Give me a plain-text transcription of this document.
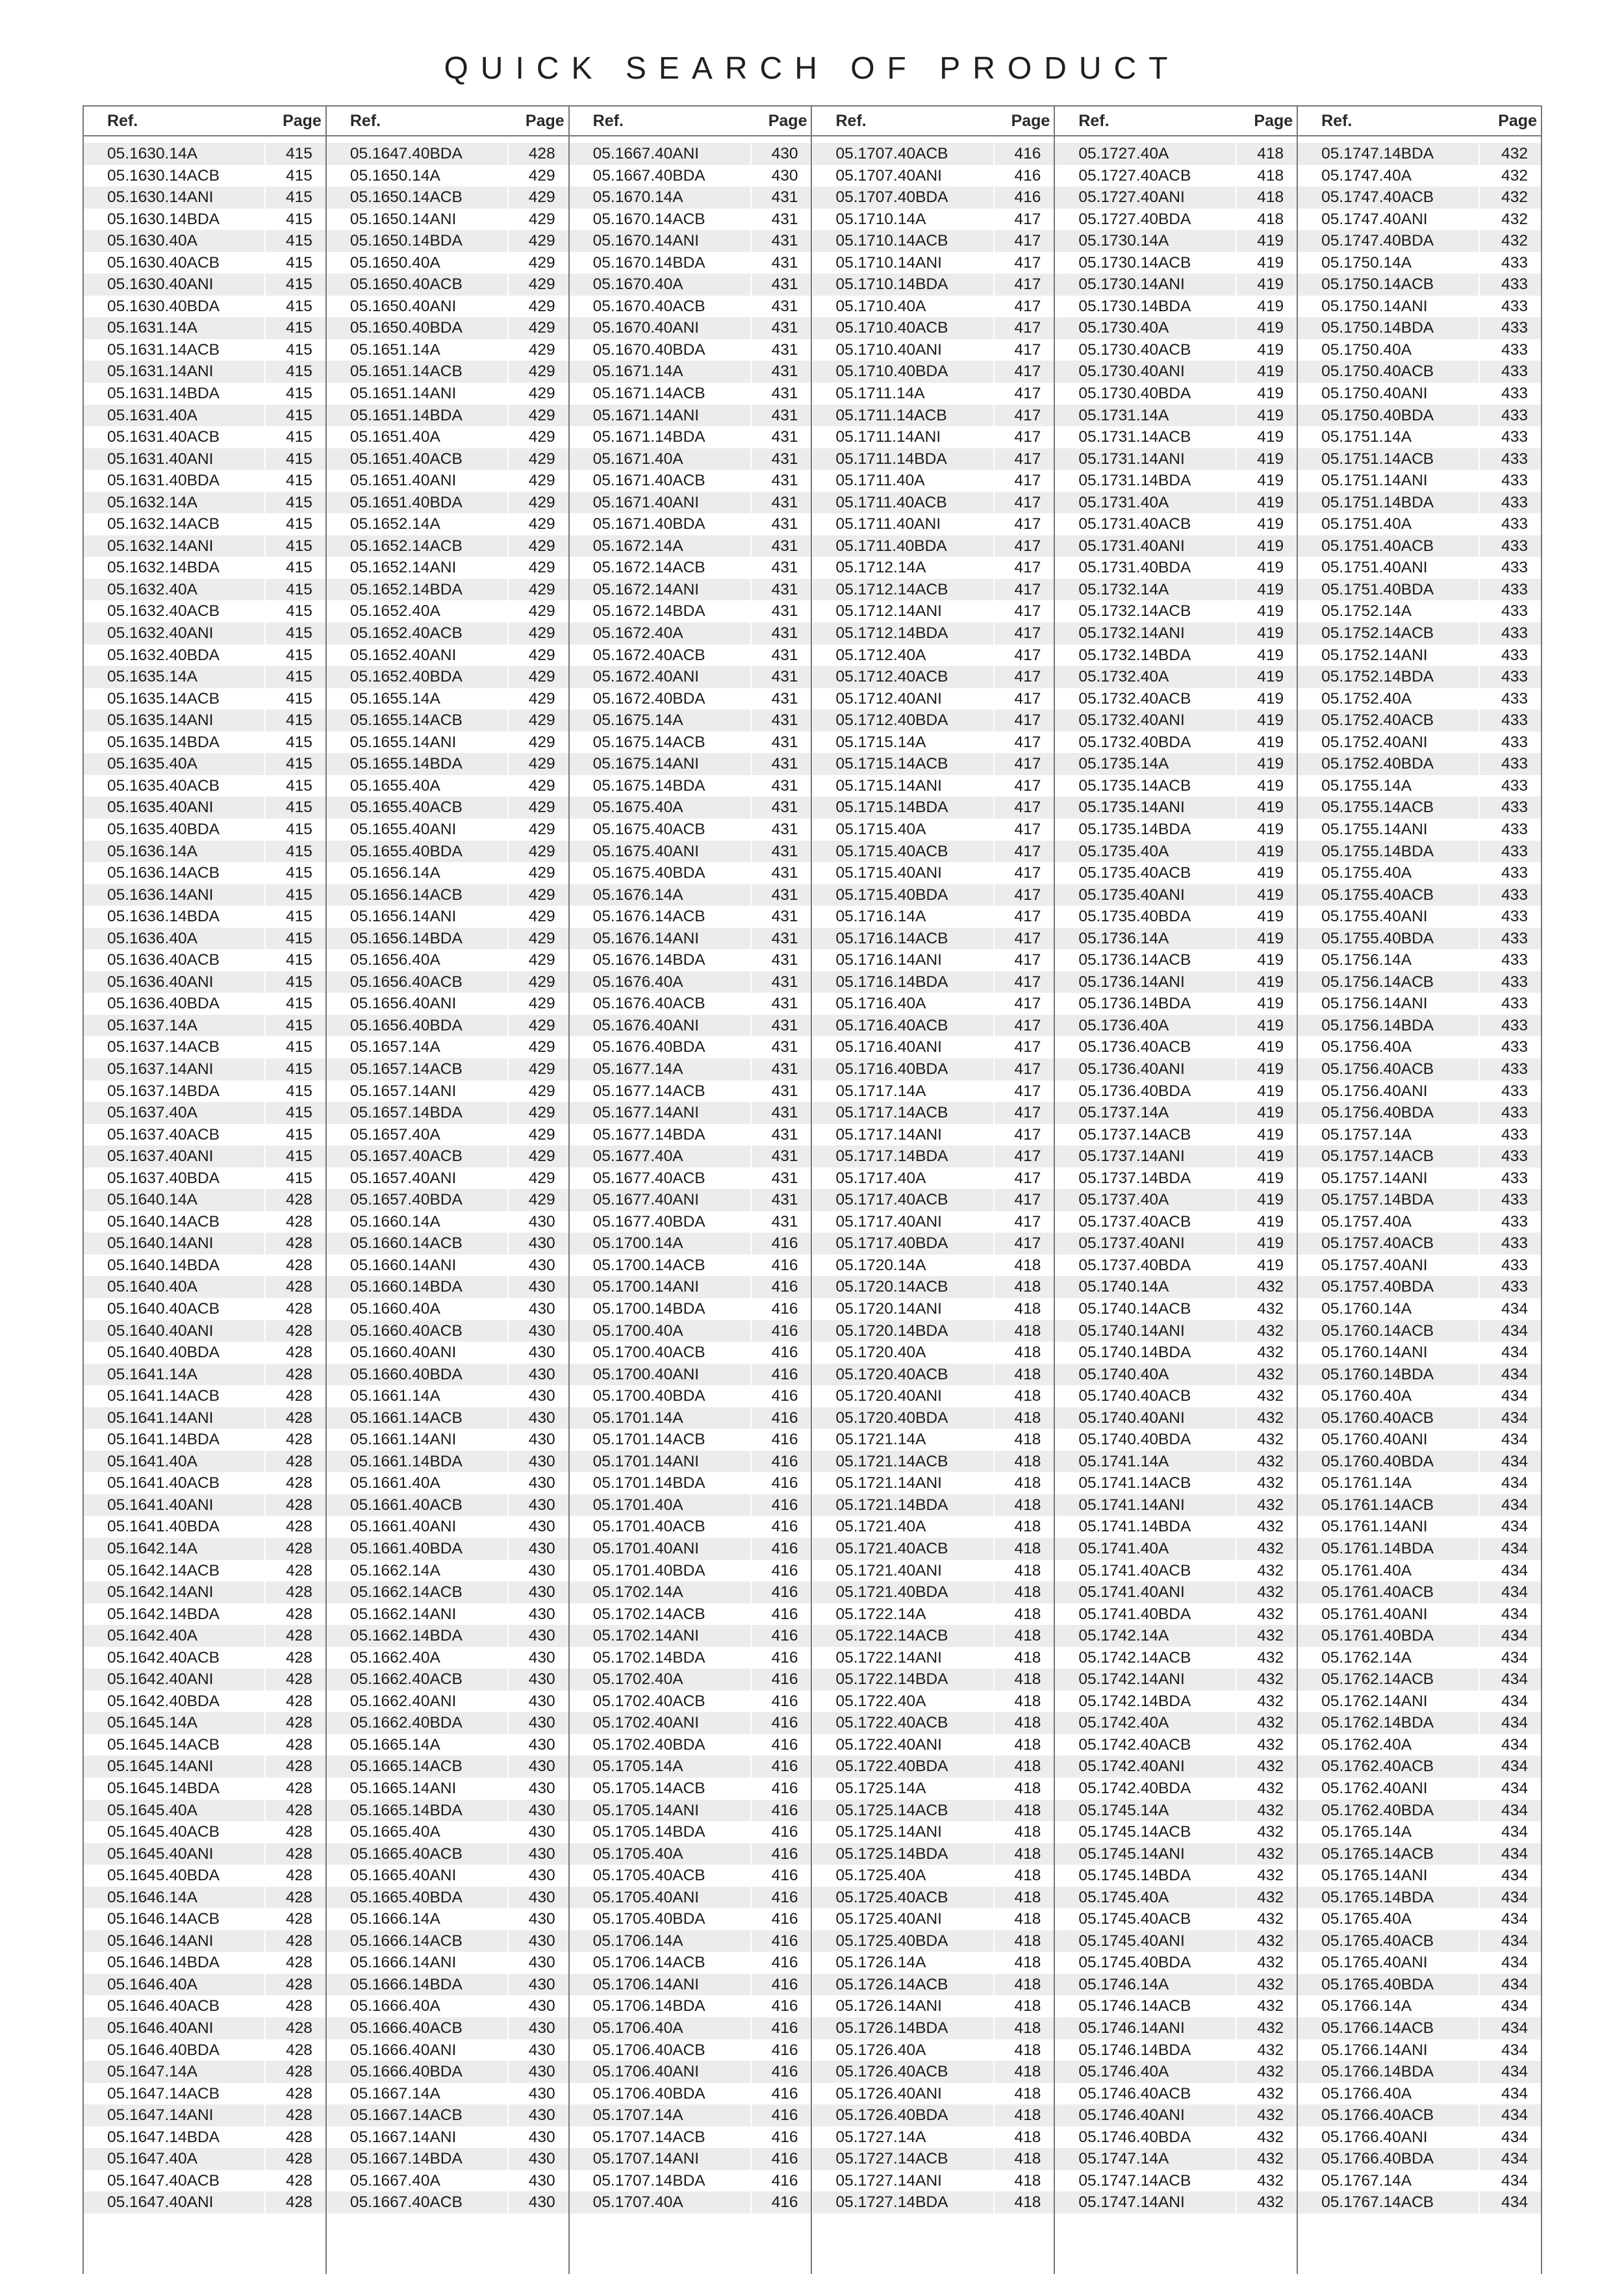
QUICK SEARCH OF PRODUCT
Ref.	Page
05.1630.14A	415
05.1630.14ACB	415
05.1630.14ANI	415
05.1630.14BDA	415
05.1630.40A	415
05.1630.40ACB	415
05.1630.40ANI	415
05.1630.40BDA	415
05.1631.14A	415
05.1631.14ACB	415
05.1631.14ANI	415
05.1631.14BDA	415
05.1631.40A	415
05.1631.40ACB	415
05.1631.40ANI	415
05.1631.40BDA	415
05.1632.14A	415
05.1632.14ACB	415
05.1632.14ANI	415
05.1632.14BDA	415
05.1632.40A	415
05.1632.40ACB	415
05.1632.40ANI	415
05.1632.40BDA	415
05.1635.14A	415
05.1635.14ACB	415
05.1635.14ANI	415
05.1635.14BDA	415
05.1635.40A	415
05.1635.40ACB	415
05.1635.40ANI	415
05.1635.40BDA	415
05.1636.14A	415
05.1636.14ACB	415
05.1636.14ANI	415
05.1636.14BDA	415
05.1636.40A	415
05.1636.40ACB	415
05.1636.40ANI	415
05.1636.40BDA	415
05.1637.14A	415
05.1637.14ACB	415
05.1637.14ANI	415
05.1637.14BDA	415
05.1637.40A	415
05.1637.40ACB	415
05.1637.40ANI	415
05.1637.40BDA	415
05.1640.14A	428
05.1640.14ACB	428
05.1640.14ANI	428
05.1640.14BDA	428
05.1640.40A	428
05.1640.40ACB	428
05.1640.40ANI	428
05.1640.40BDA	428
05.1641.14A	428
05.1641.14ACB	428
05.1641.14ANI	428
05.1641.14BDA	428
05.1641.40A	428
05.1641.40ACB	428
05.1641.40ANI	428
05.1641.40BDA	428
05.1642.14A	428
05.1642.14ACB	428
05.1642.14ANI	428
05.1642.14BDA	428
05.1642.40A	428
05.1642.40ACB	428
05.1642.40ANI	428
05.1642.40BDA	428
05.1645.14A	428
05.1645.14ACB	428
05.1645.14ANI	428
05.1645.14BDA	428
05.1645.40A	428
05.1645.40ACB	428
05.1645.40ANI	428
05.1645.40BDA	428
05.1646.14A	428
05.1646.14ACB	428
05.1646.14ANI	428
05.1646.14BDA	428
05.1646.40A	428
05.1646.40ACB	428
05.1646.40ANI	428
05.1646.40BDA	428
05.1647.14A	428
05.1647.14ACB	428
05.1647.14ANI	428
05.1647.14BDA	428
05.1647.40A	428
05.1647.40ACB	428
05.1647.40ANI	428
Ref.	Page
05.1647.40BDA	428
05.1650.14A	429
05.1650.14ACB	429
05.1650.14ANI	429
05.1650.14BDA	429
05.1650.40A	429
05.1650.40ACB	429
05.1650.40ANI	429
05.1650.40BDA	429
05.1651.14A	429
05.1651.14ACB	429
05.1651.14ANI	429
05.1651.14BDA	429
05.1651.40A	429
05.1651.40ACB	429
05.1651.40ANI	429
05.1651.40BDA	429
05.1652.14A	429
05.1652.14ACB	429
05.1652.14ANI	429
05.1652.14BDA	429
05.1652.40A	429
05.1652.40ACB	429
05.1652.40ANI	429
05.1652.40BDA	429
05.1655.14A	429
05.1655.14ACB	429
05.1655.14ANI	429
05.1655.14BDA	429
05.1655.40A	429
05.1655.40ACB	429
05.1655.40ANI	429
05.1655.40BDA	429
05.1656.14A	429
05.1656.14ACB	429
05.1656.14ANI	429
05.1656.14BDA	429
05.1656.40A	429
05.1656.40ACB	429
05.1656.40ANI	429
05.1656.40BDA	429
05.1657.14A	429
05.1657.14ACB	429
05.1657.14ANI	429
05.1657.14BDA	429
05.1657.40A	429
05.1657.40ACB	429
05.1657.40ANI	429
05.1657.40BDA	429
05.1660.14A	430
05.1660.14ACB	430
05.1660.14ANI	430
05.1660.14BDA	430
05.1660.40A	430
05.1660.40ACB	430
05.1660.40ANI	430
05.1660.40BDA	430
05.1661.14A	430
05.1661.14ACB	430
05.1661.14ANI	430
05.1661.14BDA	430
05.1661.40A	430
05.1661.40ACB	430
05.1661.40ANI	430
05.1661.40BDA	430
05.1662.14A	430
05.1662.14ACB	430
05.1662.14ANI	430
05.1662.14BDA	430
05.1662.40A	430
05.1662.40ACB	430
05.1662.40ANI	430
05.1662.40BDA	430
05.1665.14A	430
05.1665.14ACB	430
05.1665.14ANI	430
05.1665.14BDA	430
05.1665.40A	430
05.1665.40ACB	430
05.1665.40ANI	430
05.1665.40BDA	430
05.1666.14A	430
05.1666.14ACB	430
05.1666.14ANI	430
05.1666.14BDA	430
05.1666.40A	430
05.1666.40ACB	430
05.1666.40ANI	430
05.1666.40BDA	430
05.1667.14A	430
05.1667.14ACB	430
05.1667.14ANI	430
05.1667.14BDA	430
05.1667.40A	430
05.1667.40ACB	430
Ref.	Page
05.1667.40ANI	430
05.1667.40BDA	430
05.1670.14A	431
05.1670.14ACB	431
05.1670.14ANI	431
05.1670.14BDA	431
05.1670.40A	431
05.1670.40ACB	431
05.1670.40ANI	431
05.1670.40BDA	431
05.1671.14A	431
05.1671.14ACB	431
05.1671.14ANI	431
05.1671.14BDA	431
05.1671.40A	431
05.1671.40ACB	431
05.1671.40ANI	431
05.1671.40BDA	431
05.1672.14A	431
05.1672.14ACB	431
05.1672.14ANI	431
05.1672.14BDA	431
05.1672.40A	431
05.1672.40ACB	431
05.1672.40ANI	431
05.1672.40BDA	431
05.1675.14A	431
05.1675.14ACB	431
05.1675.14ANI	431
05.1675.14BDA	431
05.1675.40A	431
05.1675.40ACB	431
05.1675.40ANI	431
05.1675.40BDA	431
05.1676.14A	431
05.1676.14ACB	431
05.1676.14ANI	431
05.1676.14BDA	431
05.1676.40A	431
05.1676.40ACB	431
05.1676.40ANI	431
05.1676.40BDA	431
05.1677.14A	431
05.1677.14ACB	431
05.1677.14ANI	431
05.1677.14BDA	431
05.1677.40A	431
05.1677.40ACB	431
05.1677.40ANI	431
05.1677.40BDA	431
05.1700.14A	416
05.1700.14ACB	416
05.1700.14ANI	416
05.1700.14BDA	416
05.1700.40A	416
05.1700.40ACB	416
05.1700.40ANI	416
05.1700.40BDA	416
05.1701.14A	416
05.1701.14ACB	416
05.1701.14ANI	416
05.1701.14BDA	416
05.1701.40A	416
05.1701.40ACB	416
05.1701.40ANI	416
05.1701.40BDA	416
05.1702.14A	416
05.1702.14ACB	416
05.1702.14ANI	416
05.1702.14BDA	416
05.1702.40A	416
05.1702.40ACB	416
05.1702.40ANI	416
05.1702.40BDA	416
05.1705.14A	416
05.1705.14ACB	416
05.1705.14ANI	416
05.1705.14BDA	416
05.1705.40A	416
05.1705.40ACB	416
05.1705.40ANI	416
05.1705.40BDA	416
05.1706.14A	416
05.1706.14ACB	416
05.1706.14ANI	416
05.1706.14BDA	416
05.1706.40A	416
05.1706.40ACB	416
05.1706.40ANI	416
05.1706.40BDA	416
05.1707.14A	416
05.1707.14ACB	416
05.1707.14ANI	416
05.1707.14BDA	416
05.1707.40A	416
Ref.	Page
05.1707.40ACB	416
05.1707.40ANI	416
05.1707.40BDA	416
05.1710.14A	417
05.1710.14ACB	417
05.1710.14ANI	417
05.1710.14BDA	417
05.1710.40A	417
05.1710.40ACB	417
05.1710.40ANI	417
05.1710.40BDA	417
05.1711.14A	417
05.1711.14ACB	417
05.1711.14ANI	417
05.1711.14BDA	417
05.1711.40A	417
05.1711.40ACB	417
05.1711.40ANI	417
05.1711.40BDA	417
05.1712.14A	417
05.1712.14ACB	417
05.1712.14ANI	417
05.1712.14BDA	417
05.1712.40A	417
05.1712.40ACB	417
05.1712.40ANI	417
05.1712.40BDA	417
05.1715.14A	417
05.1715.14ACB	417
05.1715.14ANI	417
05.1715.14BDA	417
05.1715.40A	417
05.1715.40ACB	417
05.1715.40ANI	417
05.1715.40BDA	417
05.1716.14A	417
05.1716.14ACB	417
05.1716.14ANI	417
05.1716.14BDA	417
05.1716.40A	417
05.1716.40ACB	417
05.1716.40ANI	417
05.1716.40BDA	417
05.1717.14A	417
05.1717.14ACB	417
05.1717.14ANI	417
05.1717.14BDA	417
05.1717.40A	417
05.1717.40ACB	417
05.1717.40ANI	417
05.1717.40BDA	417
05.1720.14A	418
05.1720.14ACB	418
05.1720.14ANI	418
05.1720.14BDA	418
05.1720.40A	418
05.1720.40ACB	418
05.1720.40ANI	418
05.1720.40BDA	418
05.1721.14A	418
05.1721.14ACB	418
05.1721.14ANI	418
05.1721.14BDA	418
05.1721.40A	418
05.1721.40ACB	418
05.1721.40ANI	418
05.1721.40BDA	418
05.1722.14A	418
05.1722.14ACB	418
05.1722.14ANI	418
05.1722.14BDA	418
05.1722.40A	418
05.1722.40ACB	418
05.1722.40ANI	418
05.1722.40BDA	418
05.1725.14A	418
05.1725.14ACB	418
05.1725.14ANI	418
05.1725.14BDA	418
05.1725.40A	418
05.1725.40ACB	418
05.1725.40ANI	418
05.1725.40BDA	418
05.1726.14A	418
05.1726.14ACB	418
05.1726.14ANI	418
05.1726.14BDA	418
05.1726.40A	418
05.1726.40ACB	418
05.1726.40ANI	418
05.1726.40BDA	418
05.1727.14A	418
05.1727.14ACB	418
05.1727.14ANI	418
05.1727.14BDA	418
Ref.	Page
05.1727.40A	418
05.1727.40ACB	418
05.1727.40ANI	418
05.1727.40BDA	418
05.1730.14A	419
05.1730.14ACB	419
05.1730.14ANI	419
05.1730.14BDA	419
05.1730.40A	419
05.1730.40ACB	419
05.1730.40ANI	419
05.1730.40BDA	419
05.1731.14A	419
05.1731.14ACB	419
05.1731.14ANI	419
05.1731.14BDA	419
05.1731.40A	419
05.1731.40ACB	419
05.1731.40ANI	419
05.1731.40BDA	419
05.1732.14A	419
05.1732.14ACB	419
05.1732.14ANI	419
05.1732.14BDA	419
05.1732.40A	419
05.1732.40ACB	419
05.1732.40ANI	419
05.1732.40BDA	419
05.1735.14A	419
05.1735.14ACB	419
05.1735.14ANI	419
05.1735.14BDA	419
05.1735.40A	419
05.1735.40ACB	419
05.1735.40ANI	419
05.1735.40BDA	419
05.1736.14A	419
05.1736.14ACB	419
05.1736.14ANI	419
05.1736.14BDA	419
05.1736.40A	419
05.1736.40ACB	419
05.1736.40ANI	419
05.1736.40BDA	419
05.1737.14A	419
05.1737.14ACB	419
05.1737.14ANI	419
05.1737.14BDA	419
05.1737.40A	419
05.1737.40ACB	419
05.1737.40ANI	419
05.1737.40BDA	419
05.1740.14A	432
05.1740.14ACB	432
05.1740.14ANI	432
05.1740.14BDA	432
05.1740.40A	432
05.1740.40ACB	432
05.1740.40ANI	432
05.1740.40BDA	432
05.1741.14A	432
05.1741.14ACB	432
05.1741.14ANI	432
05.1741.14BDA	432
05.1741.40A	432
05.1741.40ACB	432
05.1741.40ANI	432
05.1741.40BDA	432
05.1742.14A	432
05.1742.14ACB	432
05.1742.14ANI	432
05.1742.14BDA	432
05.1742.40A	432
05.1742.40ACB	432
05.1742.40ANI	432
05.1742.40BDA	432
05.1745.14A	432
05.1745.14ACB	432
05.1745.14ANI	432
05.1745.14BDA	432
05.1745.40A	432
05.1745.40ACB	432
05.1745.40ANI	432
05.1745.40BDA	432
05.1746.14A	432
05.1746.14ACB	432
05.1746.14ANI	432
05.1746.14BDA	432
05.1746.40A	432
05.1746.40ACB	432
05.1746.40ANI	432
05.1746.40BDA	432
05.1747.14A	432
05.1747.14ACB	432
05.1747.14ANI	432
Ref.	Page
05.1747.14BDA	432
05.1747.40A	432
05.1747.40ACB	432
05.1747.40ANI	432
05.1747.40BDA	432
05.1750.14A	433
05.1750.14ACB	433
05.1750.14ANI	433
05.1750.14BDA	433
05.1750.40A	433
05.1750.40ACB	433
05.1750.40ANI	433
05.1750.40BDA	433
05.1751.14A	433
05.1751.14ACB	433
05.1751.14ANI	433
05.1751.14BDA	433
05.1751.40A	433
05.1751.40ACB	433
05.1751.40ANI	433
05.1751.40BDA	433
05.1752.14A	433
05.1752.14ACB	433
05.1752.14ANI	433
05.1752.14BDA	433
05.1752.40A	433
05.1752.40ACB	433
05.1752.40ANI	433
05.1752.40BDA	433
05.1755.14A	433
05.1755.14ACB	433
05.1755.14ANI	433
05.1755.14BDA	433
05.1755.40A	433
05.1755.40ACB	433
05.1755.40ANI	433
05.1755.40BDA	433
05.1756.14A	433
05.1756.14ACB	433
05.1756.14ANI	433
05.1756.14BDA	433
05.1756.40A	433
05.1756.40ACB	433
05.1756.40ANI	433
05.1756.40BDA	433
05.1757.14A	433
05.1757.14ACB	433
05.1757.14ANI	433
05.1757.14BDA	433
05.1757.40A	433
05.1757.40ACB	433
05.1757.40ANI	433
05.1757.40BDA	433
05.1760.14A	434
05.1760.14ACB	434
05.1760.14ANI	434
05.1760.14BDA	434
05.1760.40A	434
05.1760.40ACB	434
05.1760.40ANI	434
05.1760.40BDA	434
05.1761.14A	434
05.1761.14ACB	434
05.1761.14ANI	434
05.1761.14BDA	434
05.1761.40A	434
05.1761.40ACB	434
05.1761.40ANI	434
05.1761.40BDA	434
05.1762.14A	434
05.1762.14ACB	434
05.1762.14ANI	434
05.1762.14BDA	434
05.1762.40A	434
05.1762.40ACB	434
05.1762.40ANI	434
05.1762.40BDA	434
05.1765.14A	434
05.1765.14ACB	434
05.1765.14ANI	434
05.1765.14BDA	434
05.1765.40A	434
05.1765.40ACB	434
05.1765.40ANI	434
05.1765.40BDA	434
05.1766.14A	434
05.1766.14ACB	434
05.1766.14ANI	434
05.1766.14BDA	434
05.1766.40A	434
05.1766.40ACB	434
05.1766.40ANI	434
05.1766.40BDA	434
05.1767.14A	434
05.1767.14ACB	434
